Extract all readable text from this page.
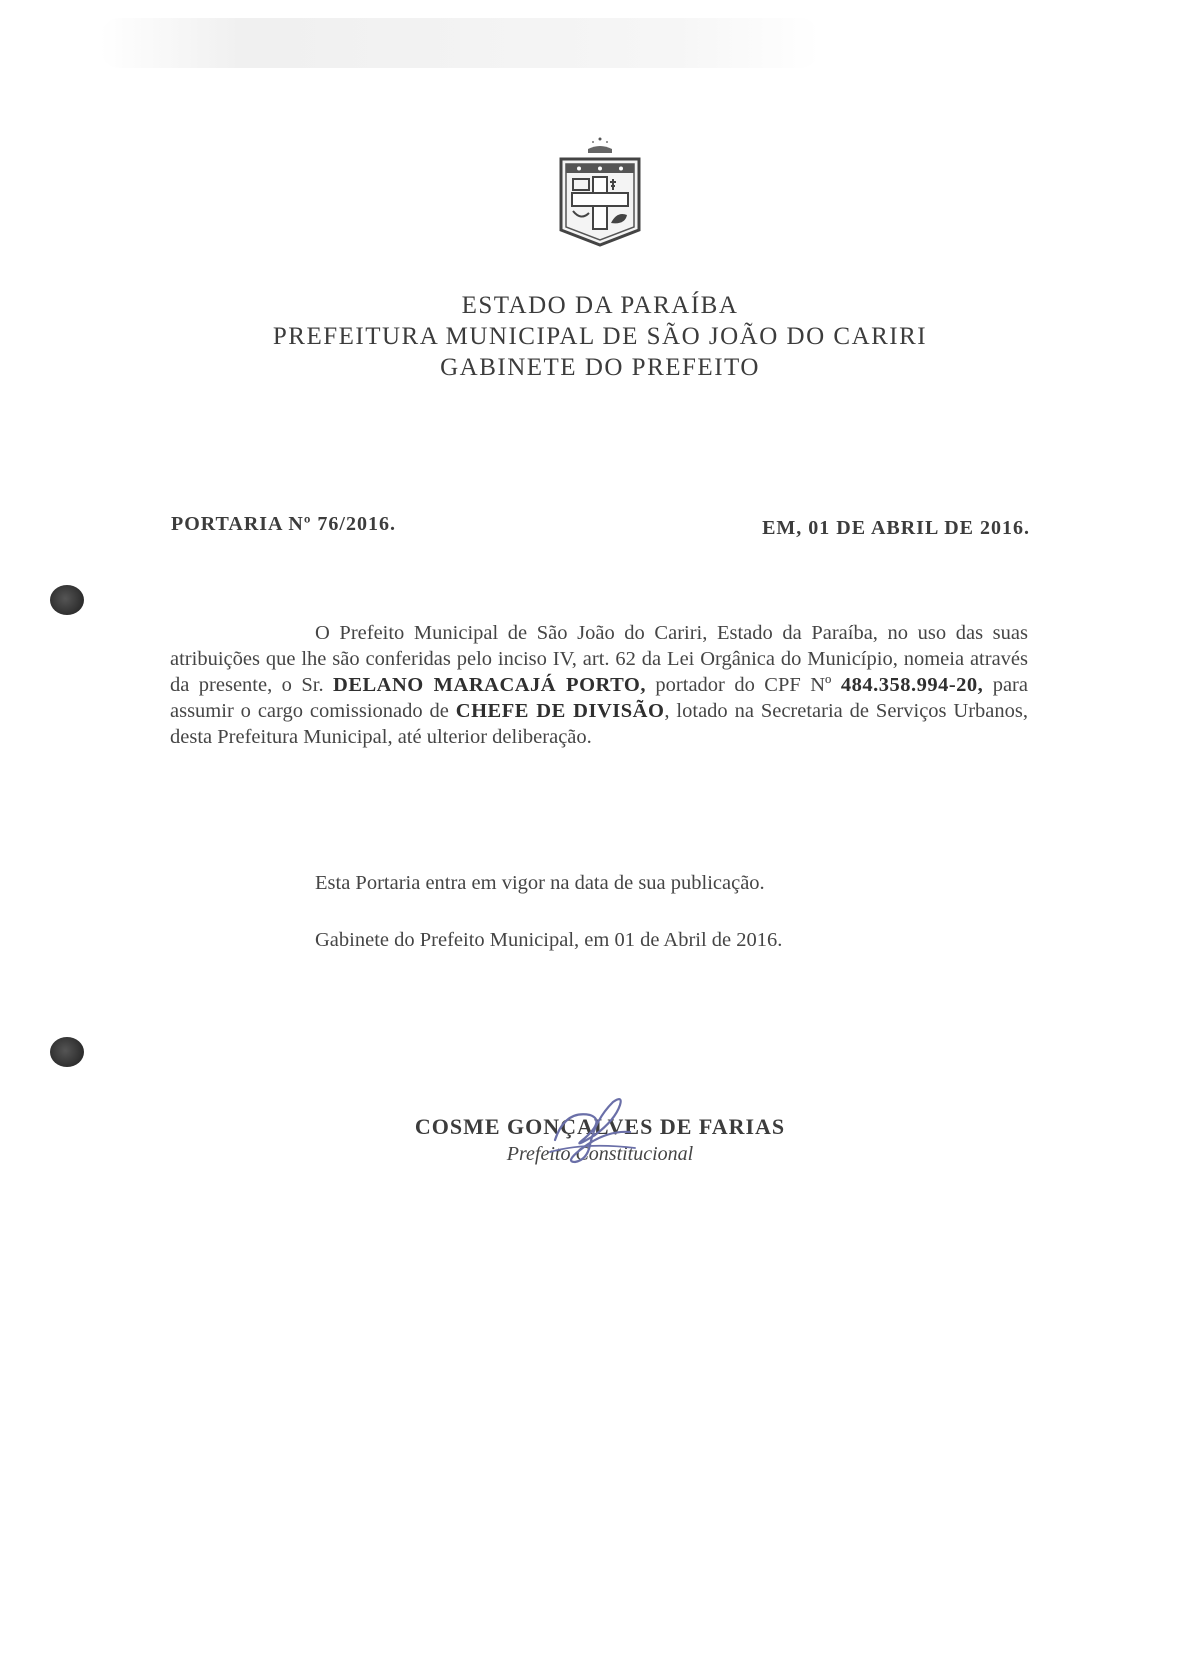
ESTADO DA PARAÍBA
PREFEITURA MUNICIPAL DE SÃO JOÃO DO CARIRI
GABINETE DO PREFEITO
PORTARIA Nº 76/2016.	EM, 01 DE ABRIL DE 2016.
O Prefeito Municipal de São João do Cariri, Estado da Paraíba, no uso das suas atribuições que lhe são conferidas pelo inciso IV, art. 62 da Lei Orgânica do Município, nomeia através da presente, o Sr. DELANO MARACAJÁ PORTO, portador do CPF Nº 484.358.994-20, para assumir o cargo comissionado de CHEFE DE DIVISÃO, lotado na Secretaria de Serviços Urbanos, desta Prefeitura Municipal, até ulterior deliberação.
Esta Portaria entra em vigor na data de sua publicação.
Gabinete do Prefeito Municipal, em 01 de Abril de 2016.
COSME GONÇALVES DE FARIAS
Prefeito Constitucional
